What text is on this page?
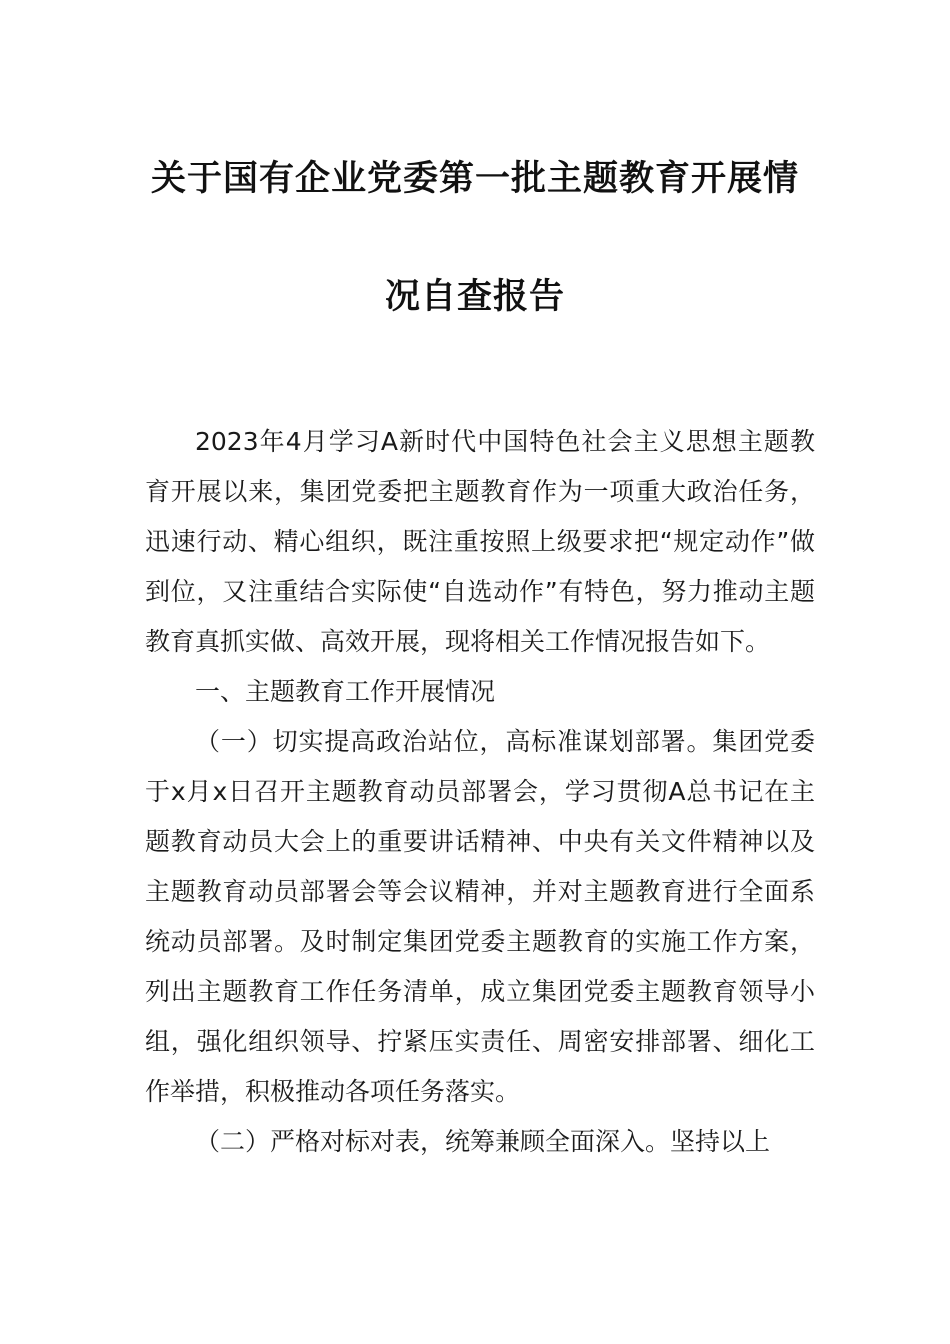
关于国有企业党委第一批主题教育开展情
况自查报告

2023年4月学习A新时代中国特色社会主义思想主题教育开展以来，集团党委把主题教育作为一项重大政治任务，迅速行动、精心组织，既注重按照上级要求把“规定动作”做到位，又注重结合实际使“自选动作”有特色，努力推动主题教育真抓实做、高效开展，现将相关工作情况报告如下。

一、主题教育工作开展情况

（一）切实提高政治站位，高标准谋划部署。集团党委于x月x日召开主题教育动员部署会，学习贯彻A总书记在主题教育动员大会上的重要讲话精神、中央有关文件精神以及主题教育动员部署会等会议精神，并对主题教育进行全面系统动员部署。及时制定集团党委主题教育的实施工作方案，列出主题教育工作任务清单，成立集团党委主题教育领导小组，强化组织领导、拧紧压实责任、周密安排部署、细化工作举措，积极推动各项任务落实。

（二）严格对标对表，统筹兼顾全面深入。坚持以上
